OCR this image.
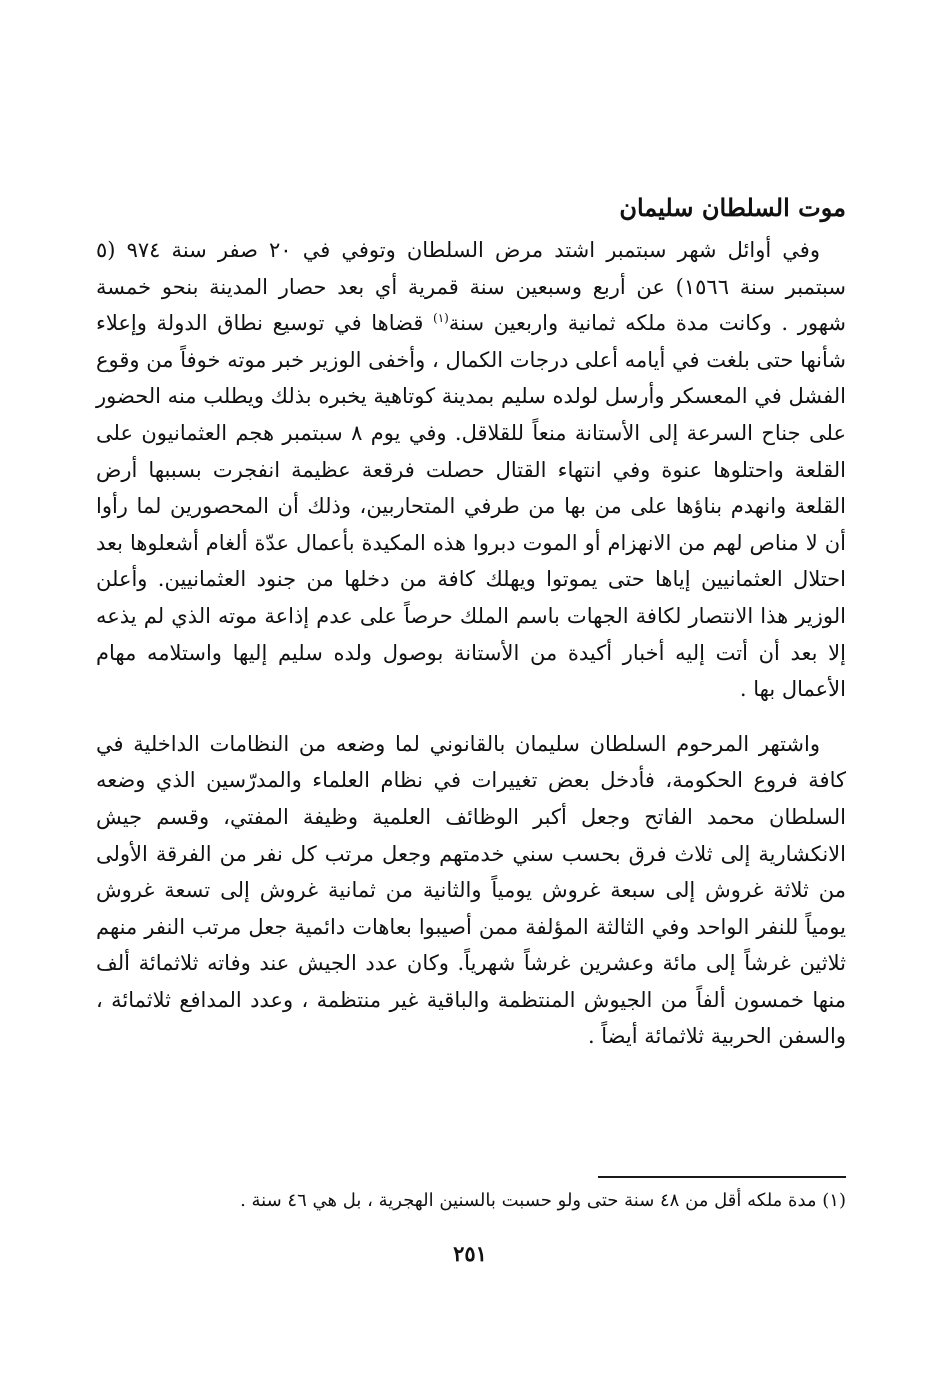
موت السلطان سليمان

وفي أوائل شهر سبتمبر اشتد مرض السلطان وتوفي في ٢٠ صفر سنة ٩٧٤ (٥ سبتمبر سنة ١٥٦٦) عن أربع وسبعين سنة قمرية أي بعد حصار المدينة بنحو خمسة شهور . وكانت مدة ملكه ثمانية واربعين سنة$^{(١)}$ قضاها في توسيع نطاق الدولة وإعلاء شأنها حتى بلغت في أيامه أعلى درجات الكمال ، وأخفى الوزير خبر موته خوفاً من وقوع الفشل في المعسكر وأرسل لولده سليم بمدينة كوتاهية يخبره بذلك ويطلب منه الحضور على جناح السرعة إلى الأستانة منعاً للقلاقل. وفي يوم ٨ سبتمبر هجم العثمانيون على القلعة واحتلوها عنوة وفي انتهاء القتال حصلت فرقعة عظيمة انفجرت بسببها أرض القلعة وانهدم بناؤها على من بها من طرفي المتحاربين، وذلك أن المحصورين لما رأوا أن لا مناص لهم من الانهزام أو الموت دبروا هذه المكيدة بأعمال عدّة ألغام أشعلوها بعد احتلال العثمانيين إياها حتى يموتوا ويهلك كافة من دخلها من جنود العثمانيين. وأعلن الوزير هذا الانتصار لكافة الجهات باسم الملك حرصاً على عدم إذاعة موته الذي لم يذعه إلا بعد أن أتت إليه أخبار أكيدة من الأستانة بوصول ولده سليم إليها واستلامه مهام الأعمال بها .

واشتهر المرحوم السلطان سليمان بالقانوني لما وضعه من النظامات الداخلية في كافة فروع الحكومة، فأدخل بعض تغييرات في نظام العلماء والمدرّسين الذي وضعه السلطان محمد الفاتح وجعل أكبر الوظائف العلمية وظيفة المفتي، وقسم جيش الانكشارية إلى ثلاث فرق بحسب سني خدمتهم وجعل مرتب كل نفر من الفرقة الأولى من ثلاثة غروش إلى سبعة غروش يومياً والثانية من ثمانية غروش إلى تسعة غروش يومياً للنفر الواحد وفي الثالثة المؤلفة ممن أصيبوا بعاهات دائمية جعل مرتب النفر منهم ثلاثين غرشاً إلى مائة وعشرين غرشاً شهرياً. وكان عدد الجيش عند وفاته ثلاثمائة ألف منها خمسون ألفاً من الجيوش المنتظمة والباقية غير منتظمة ، وعدد المدافع ثلاثمائة ، والسفن الحربية ثلاثمائة أيضاً .

(١) مدة ملكه أقل من ٤٨ سنة حتى ولو حسبت بالسنين الهجرية ، بل هي ٤٦ سنة .
٢٥١
